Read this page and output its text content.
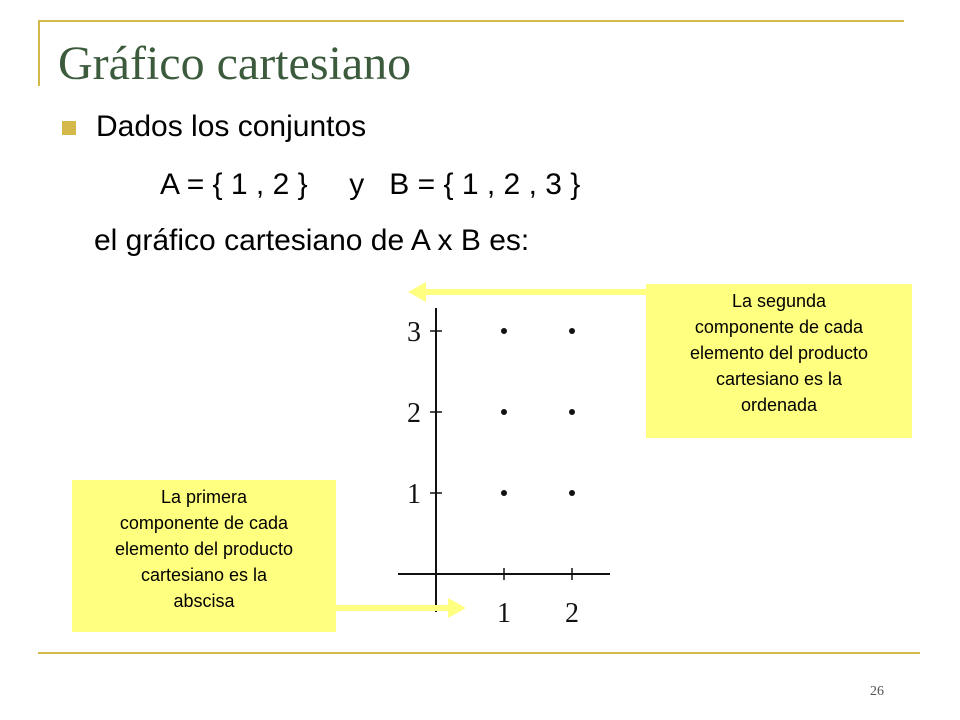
Gráfico cartesiano
Dados los conjuntos
A = { 1 , 2 }     y   B = { 1 , 2 , 3 }
el gráfico cartesiano de A x B es:
1 2
1
2
3
La segunda
componente de cada
elemento del producto
cartesiano es la
ordenada
La primera
componente de cada
elemento del producto
cartesiano es la
abscisa
26
